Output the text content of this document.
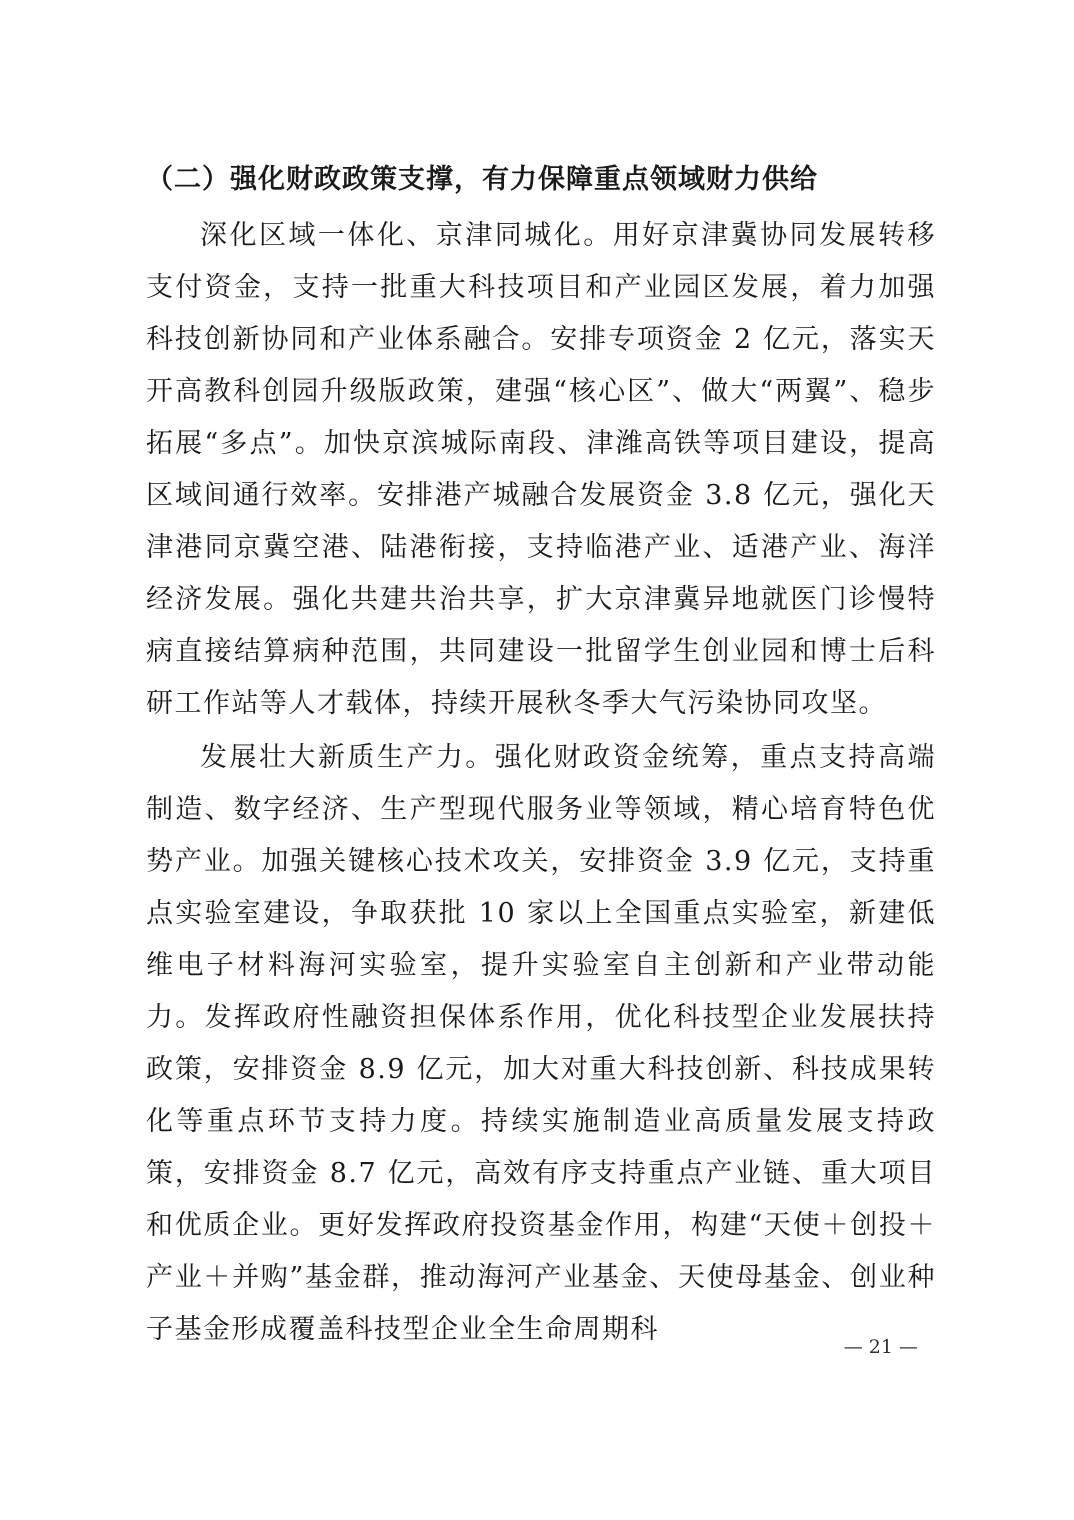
（二）强化财政政策支撑，有力保障重点领域财力供给

深化区域一体化、京津同城化。用好京津冀协同发展转移支付资金，支持一批重大科技项目和产业园区发展，着力加强科技创新协同和产业体系融合。安排专项资金 2 亿元，落实天开高教科创园升级版政策，建强“核心区”、做大“两翼”、稳步拓展“多点”。加快京滨城际南段、津潍高铁等项目建设，提高区域间通行效率。安排港产城融合发展资金 3.8 亿元，强化天津港同京冀空港、陆港衔接，支持临港产业、适港产业、海洋经济发展。强化共建共治共享，扩大京津冀异地就医门诊慢特病直接结算病种范围，共同建设一批留学生创业园和博士后科研工作站等人才载体，持续开展秋冬季大气污染协同攻坚。

发展壮大新质生产力。强化财政资金统筹，重点支持高端制造、数字经济、生产型现代服务业等领域，精心培育特色优势产业。加强关键核心技术攻关，安排资金 3.9 亿元，支持重点实验室建设，争取获批 10 家以上全国重点实验室，新建低维电子材料海河实验室，提升实验室自主创新和产业带动能力。发挥政府性融资担保体系作用，优化科技型企业发展扶持政策，安排资金 8.9 亿元，加大对重大科技创新、科技成果转化等重点环节支持力度。持续实施制造业高质量发展支持政策，安排资金 8.7 亿元，高效有序支持重点产业链、重大项目和优质企业。更好发挥政府投资基金作用，构建“天使＋创投＋产业＋并购”基金群，推动海河产业基金、天使母基金、创业种子基金形成覆盖科技型企业全生命周期科

— 21 —
